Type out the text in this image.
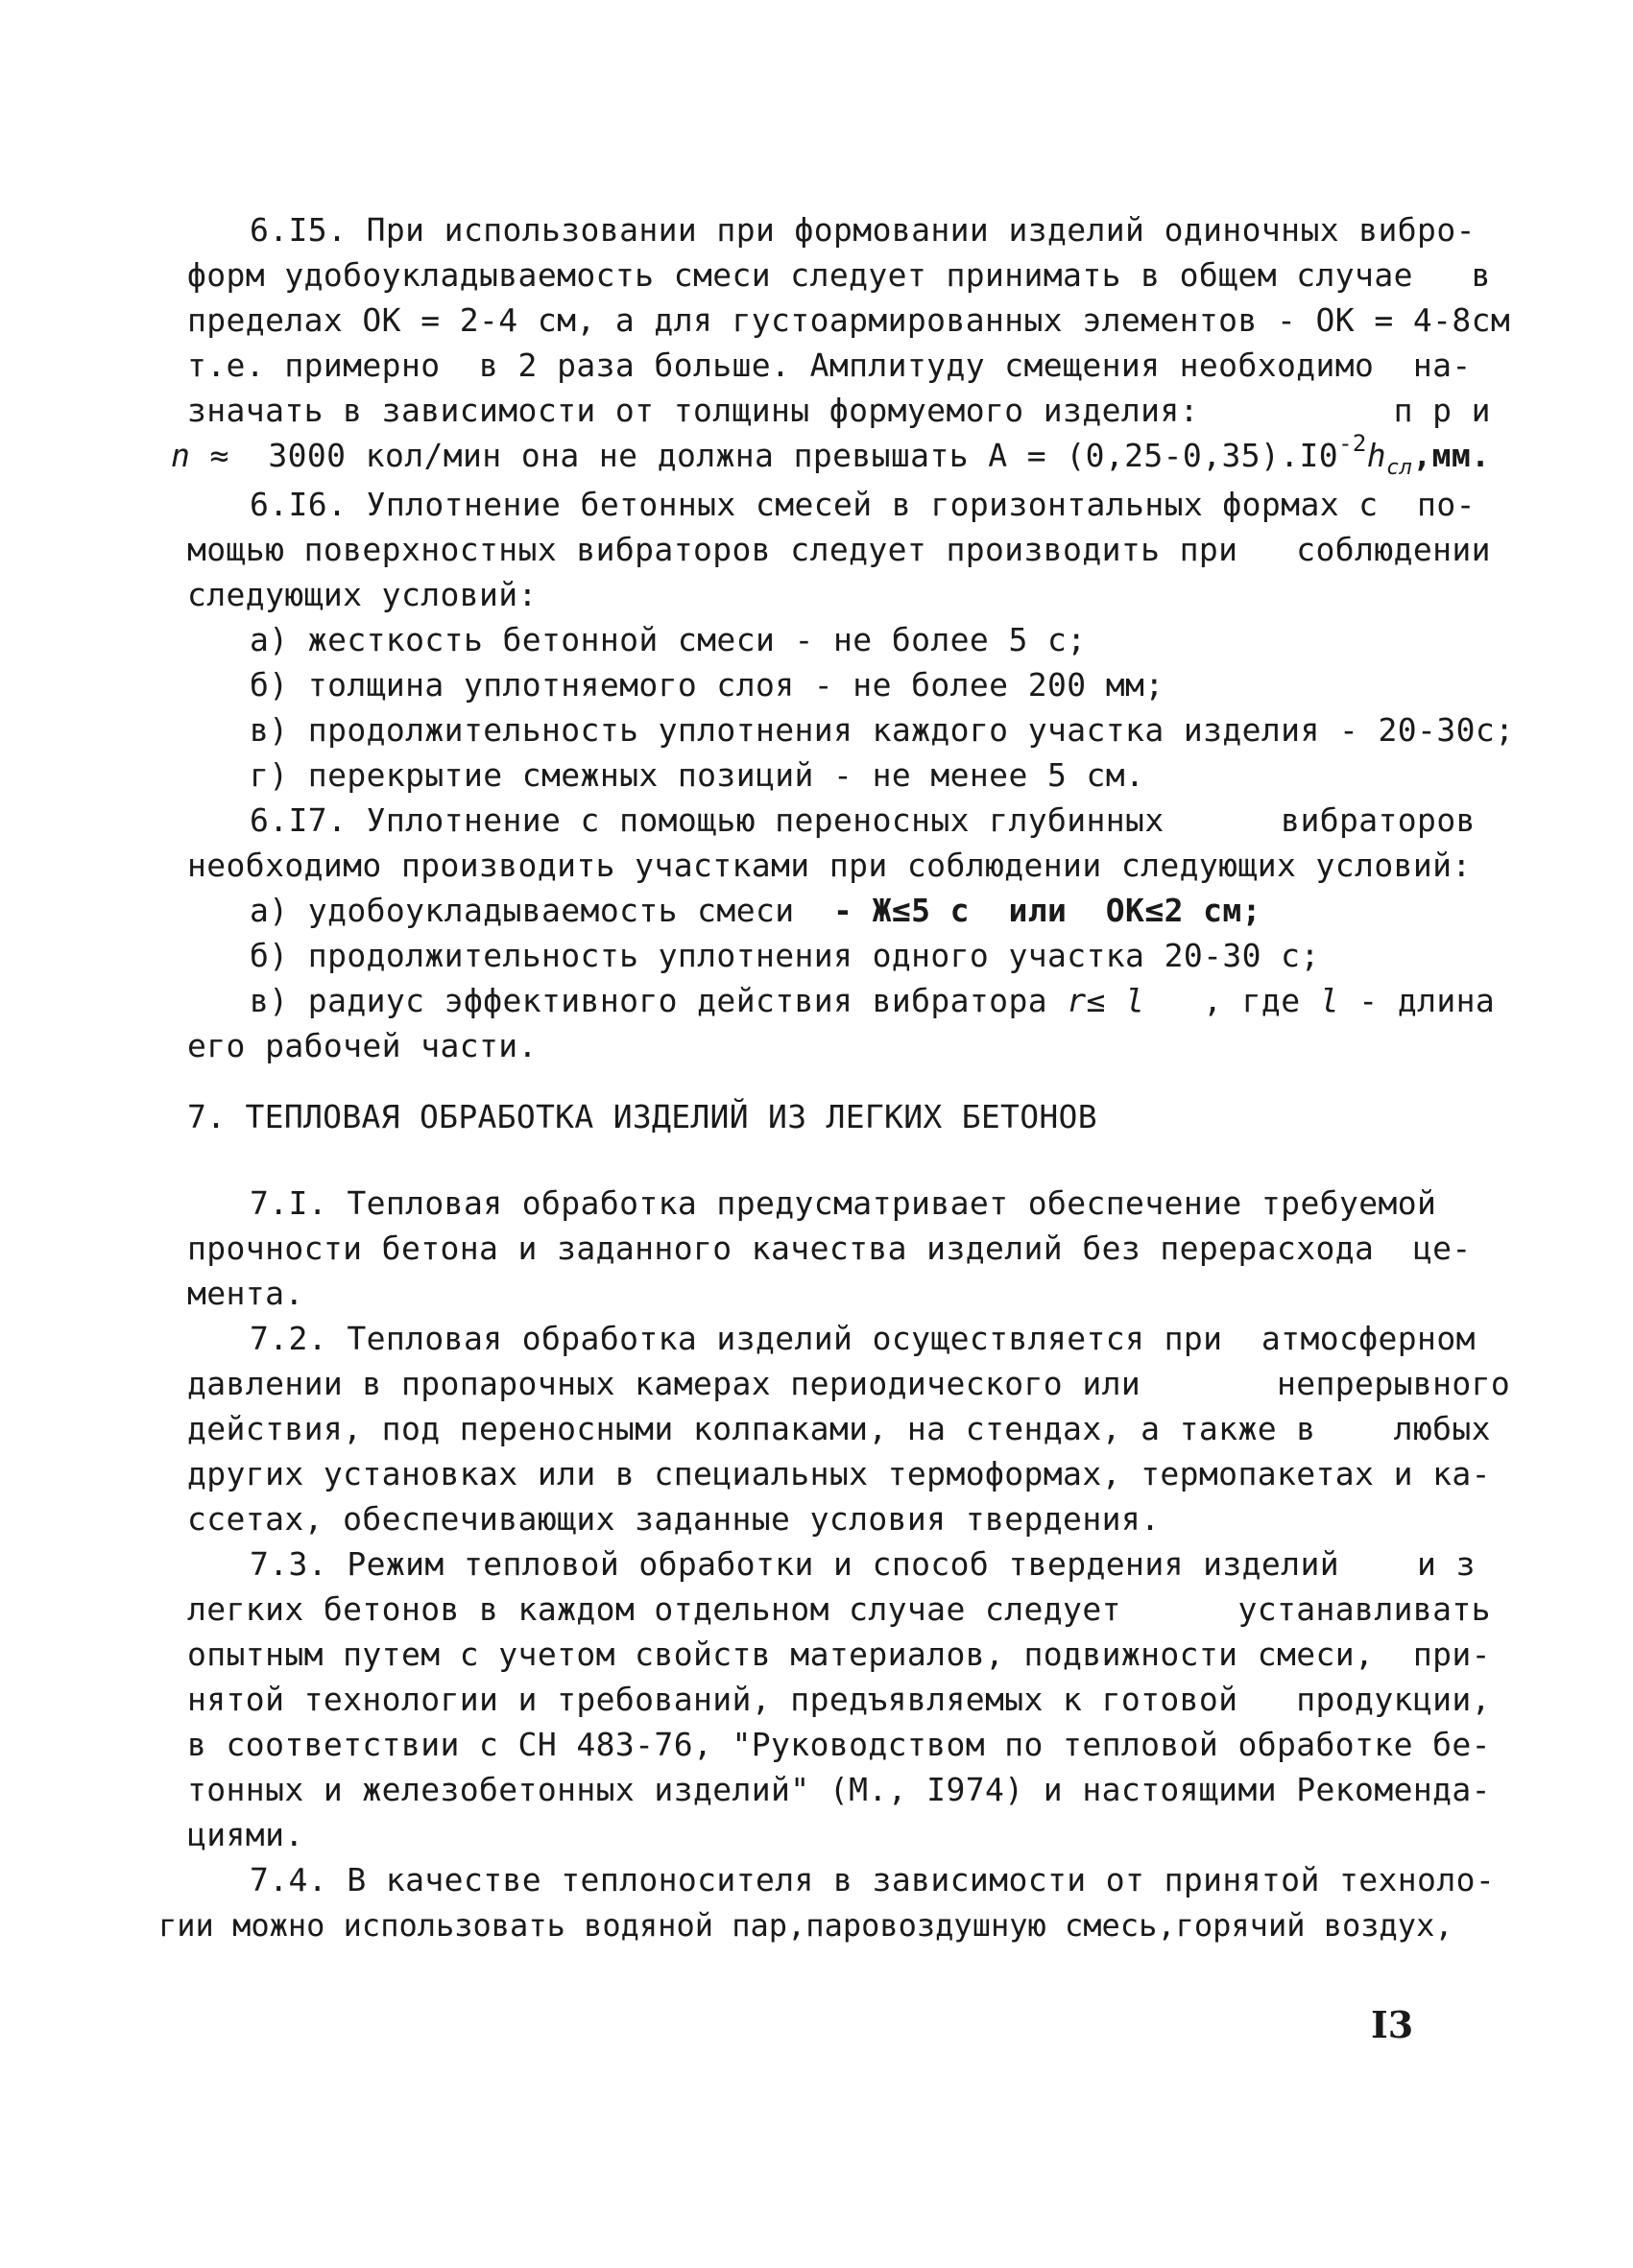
6.I5. При использовании при формовании изделий одиночных вибро-
форм удобоукладываемость смеси следует принимать в общем случае   в
пределах ОК = 2-4 см, а для густоармированных элементов - ОК = 4-8см
т.е. примерно  в 2 раза больше. Амплитуду смещения необходимо  на-
значать в зависимости от толщины формуемого изделия:          п р и
n ≈  3000 кол/мин она не должна превышать $А = (0,25-0,35).I0^{-2}h_{сл},мм$.
6.I6. Уплотнение бетонных смесей в горизонтальных формах с  по-
мощью поверхностных вибраторов следует производить при   соблюдении
следующих условий:
а) жесткость бетонной смеси - не более 5 с;
б) толщина уплотняемого слоя - не более 200 мм;
в) продолжительность уплотнения каждого участка изделия - 20-30с;
г) перекрытие смежных позиций - не менее 5 см.
6.I7. Уплотнение с помощью переносных глубинных      вибраторов
необходимо производить участками при соблюдении следующих условий:
а) удобоукладываемость смеси  - Ж≤5 с  или  ОК≤2 см;
б) продолжительность уплотнения одного участка 20-30 с;
в) радиус эффективного действия вибратора r≤ l   , где l - длина
его рабочей части.
7. ТЕПЛОВАЯ ОБРАБОТКА ИЗДЕЛИЙ ИЗ ЛЕГКИХ БЕТОНОВ
7.I. Тепловая обработка предусматривает обеспечение требуемой
прочности бетона и заданного качества изделий без перерасхода  це-
мента.
7.2. Тепловая обработка изделий осуществляется при  атмосферном
давлении в пропарочных камерах периодического или       непрерывного
действия, под переносными колпаками, на стендах, а также в    любых
других установках или в специальных термоформах, термопакетах и ка-
ссетах, обеспечивающих заданные условия твердения.
7.3. Режим тепловой обработки и способ твердения изделий    и з
легких бетонов в каждом отдельном случае следует      устанавливать
опытным путем с учетом свойств материалов, подвижности смеси,  при-
нятой технологии и требований, предъявляемых к готовой   продукции,
в соответствии с СН 483-76, "Руководством по тепловой обработке бе-
тонных и железобетонных изделий" (М., I974) и настоящими Рекоменда-
циями.
7.4. В качестве теплоносителя в зависимости от принятой техноло-
гии можно использовать водяной пар,паровоздушную смесь,горячий воздух,
I3
